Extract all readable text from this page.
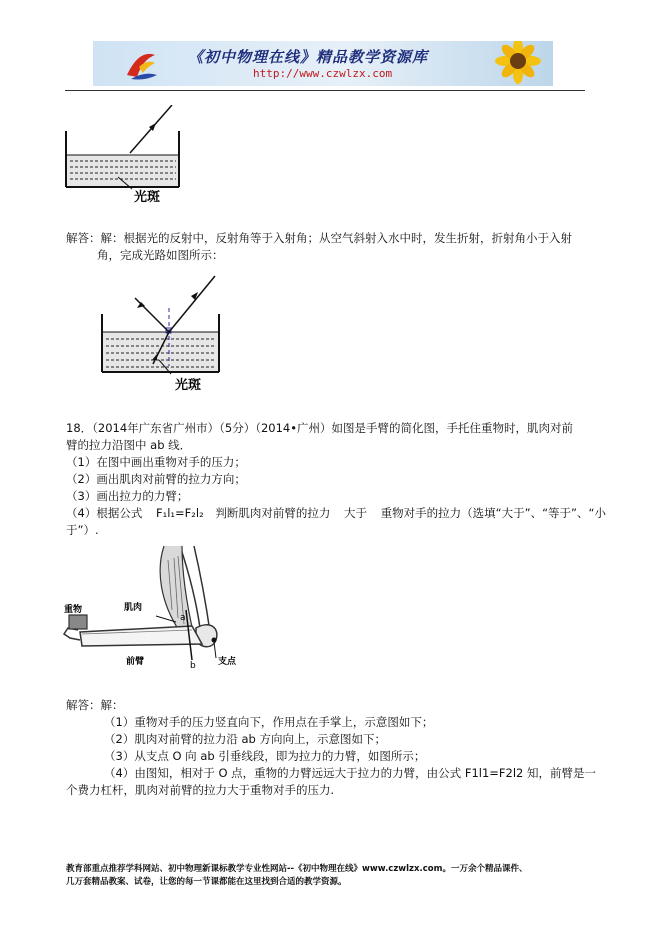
《初中物理在线》精品教学资源库
http://www.czwlzx.com
光斑
解答：解：根据光的反射中，反射角等于入射角；从空气斜射入水中时，发生折射，折射角小于入射
角，完成光路如图所示：
光斑
18．（2014年广东省广州市）（5分）（2014•广州）如图是手臂的简化图，手托住重物时，肌肉对前
臂的拉力沿图中 ab 线．
（1）在图中画出重物对手的压力；
（2）画出肌肉对前臂的拉力方向；
（3）画出拉力的力臂；
（4）根据公式 F₁l₁=F₂l₂ 判断肌肉对前臂的拉力 大于 重物对手的拉力（选填“大于”、“等于”、“小
于”）.
肌肉
重物
前臂	支点
a
b
解答：解：
（1）重物对手的压力竖直向下，作用点在手掌上，示意图如下；
（2）肌肉对前臂的拉力沿 ab 方向向上，示意图如下；
（3）从支点 O 向 ab 引垂线段，即为拉力的力臂，如图所示；
（4）由图知，相对于 O 点，重物的力臂远远大于拉力的力臂，由公式 F1l1=F2l2 知，前臂是一
个费力杠杆，肌肉对前臂的拉力大于重物对手的压力.
教育部重点推荐学科网站、初中物理新课标教学专业性网站--《初中物理在线》www.czwlzx.com。一万余个精品课件、
几万套精品教案、试卷，让您的每一节课都能在这里找到合适的教学资源。
